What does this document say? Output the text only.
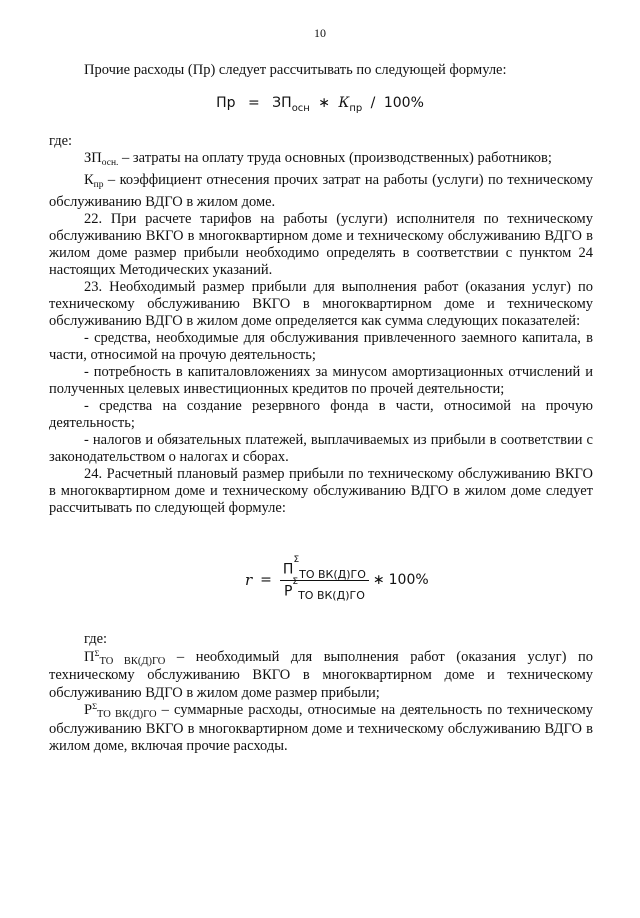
10
Прочие расходы (Пр) следует рассчитывать по следующей формуле:
Пр = $ЗП_{осн}$ ∗ $К_{пр} / 100\%$
где:
$ЗП_{осн.}$ – затраты на оплату труда основных (производственных) работников;
$К_{пр}$ – коэффициент отнесения прочих затрат на работы (услуги) по техническому обслуживанию ВДГО в жилом доме.
22. При расчете тарифов на работы (услуги) исполнителя по техническому обслуживанию ВКГО в многоквартирном доме и техническому обслуживанию ВДГО в жилом доме размер прибыли необходимо определять в соответствии с пунктом 24 настоящих Методических указаний.
23. Необходимый размер прибыли для выполнения работ (оказания услуг) по техническому обслуживанию ВКГО в многоквартирном доме и техническому обслуживанию ВДГО в жилом доме определяется как сумма следующих показателей:
- средства, необходимые для обслуживания привлеченного заемного капитала, в части, относимой на прочую деятельность;
- потребность в капиталовложениях за минусом амортизационных отчислений и полученных целевых инвестиционных кредитов по прочей деятельности;
- средства на создание резервного фонда в части, относимой на прочую деятельность;
- налогов и обязательных платежей, выплачиваемых из прибыли в соответствии с законодательством о налогах и сборах.
24. Расчетный плановый размер прибыли по техническому обслуживанию ВКГО в многоквартирном доме и техническому обслуживанию ВДГО в жилом доме следует рассчитывать по следующей формуле:
$r = \frac{П^\Sigma_{ТО ВК(Д)ГО}}{Р^\Sigma_{ТО ВК(Д)ГО}}$ ∗ 100%
где:
$П^\Sigma_{ТО ВК(Д)ГО}$ – необходимый для выполнения работ (оказания услуг) по техническому обслуживанию ВКГО в многоквартирном доме и техническому обслуживанию ВДГО в жилом доме размер прибыли;
$Р^\Sigma_{ТО ВК(Д)ГО}$ – суммарные расходы, относимые на деятельность по техническому обслуживанию ВКГО в многоквартирном доме и техническому обслуживанию ВДГО в жилом доме, включая прочие расходы.
